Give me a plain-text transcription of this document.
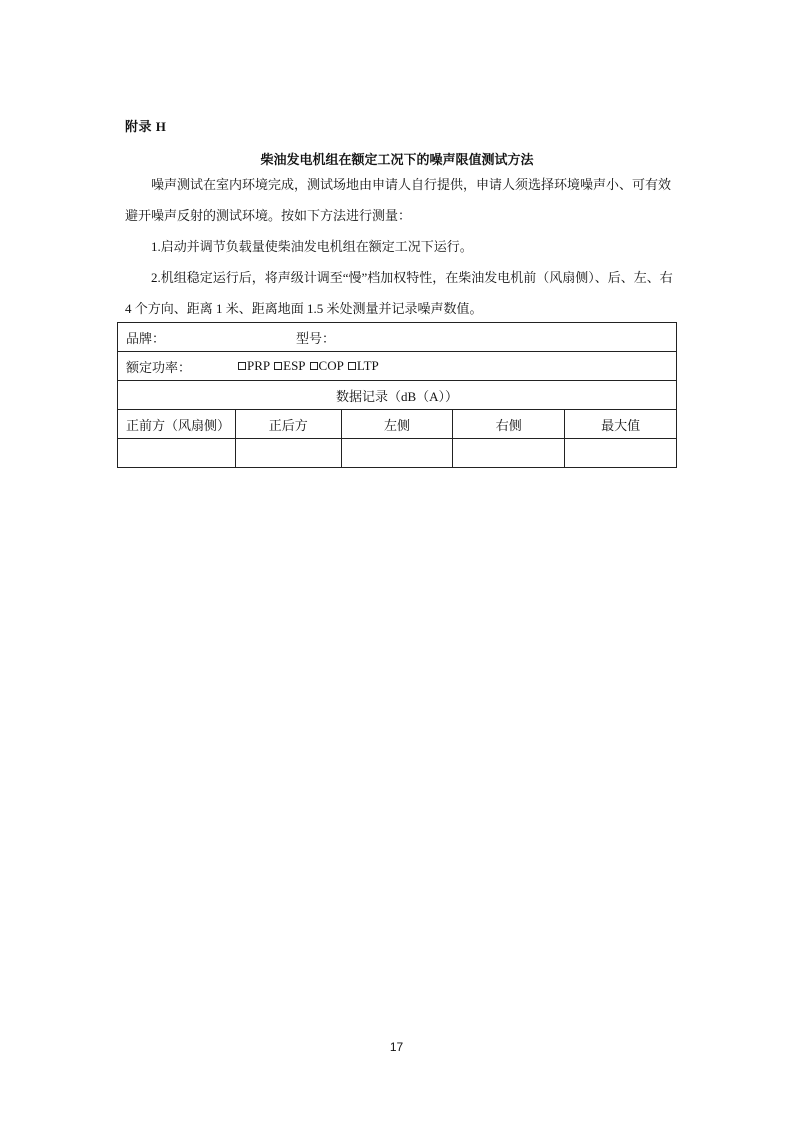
附录 H
柴油发电机组在额定工况下的噪声限值测试方法
噪声测试在室内环境完成，测试场地由申请人自行提供，申请人须选择环境噪声小、可有效避开噪声反射的测试环境。按如下方法进行测量：
1.启动并调节负载量使柴油发电机组在额定工况下运行。
2.机组稳定运行后，将声级计调至“慢”档加权特性，在柴油发电机前（风扇侧）、后、左、右 4 个方向、距离 1 米、距离地面 1.5 米处测量并记录噪声数值。
品牌： 型号：				

额定功率： PRP ESP COP LTP				

数据记录（dB（A））				
正前方（风扇侧）	正后方	左侧	右侧	最大值

17
